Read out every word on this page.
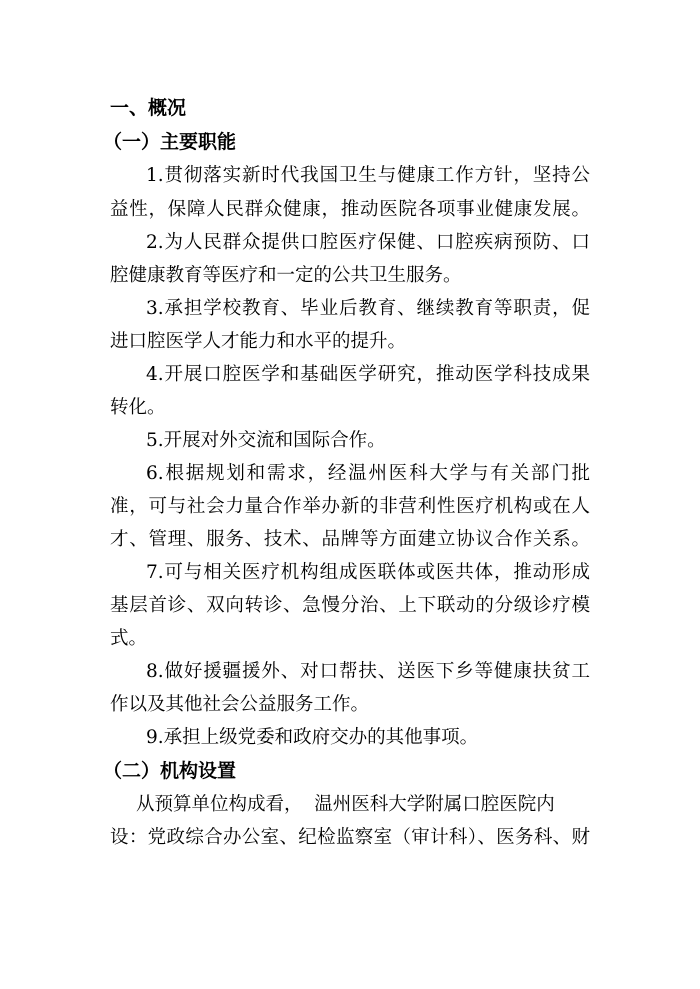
一、概况
（一）主要职能
1.贯彻落实新时代我国卫生与健康工作方针，坚持公
益性，保障人民群众健康，推动医院各项事业健康发展。
2.为人民群众提供口腔医疗保健、口腔疾病预防、口
腔健康教育等医疗和一定的公共卫生服务。
3.承担学校教育、毕业后教育、继续教育等职责，促
进口腔医学人才能力和水平的提升。
4.开展口腔医学和基础医学研究，推动医学科技成果
转化。
5.开展对外交流和国际合作。
6.根据规划和需求，经温州医科大学与有关部门批
准，可与社会力量合作举办新的非营利性医疗机构或在人
才、管理、服务、技术、品牌等方面建立协议合作关系。
7.可与相关医疗机构组成医联体或医共体，推动形成
基层首诊、双向转诊、急慢分治、上下联动的分级诊疗模
式。
8.做好援疆援外、对口帮扶、送医下乡等健康扶贫工
作以及其他社会公益服务工作。
9.承担上级党委和政府交办的其他事项。
（二）机构设置
从预算单位构成看，  温州医科大学附属口腔医院内
设：党政综合办公室、纪检监察室（审计科）、医务科、财
